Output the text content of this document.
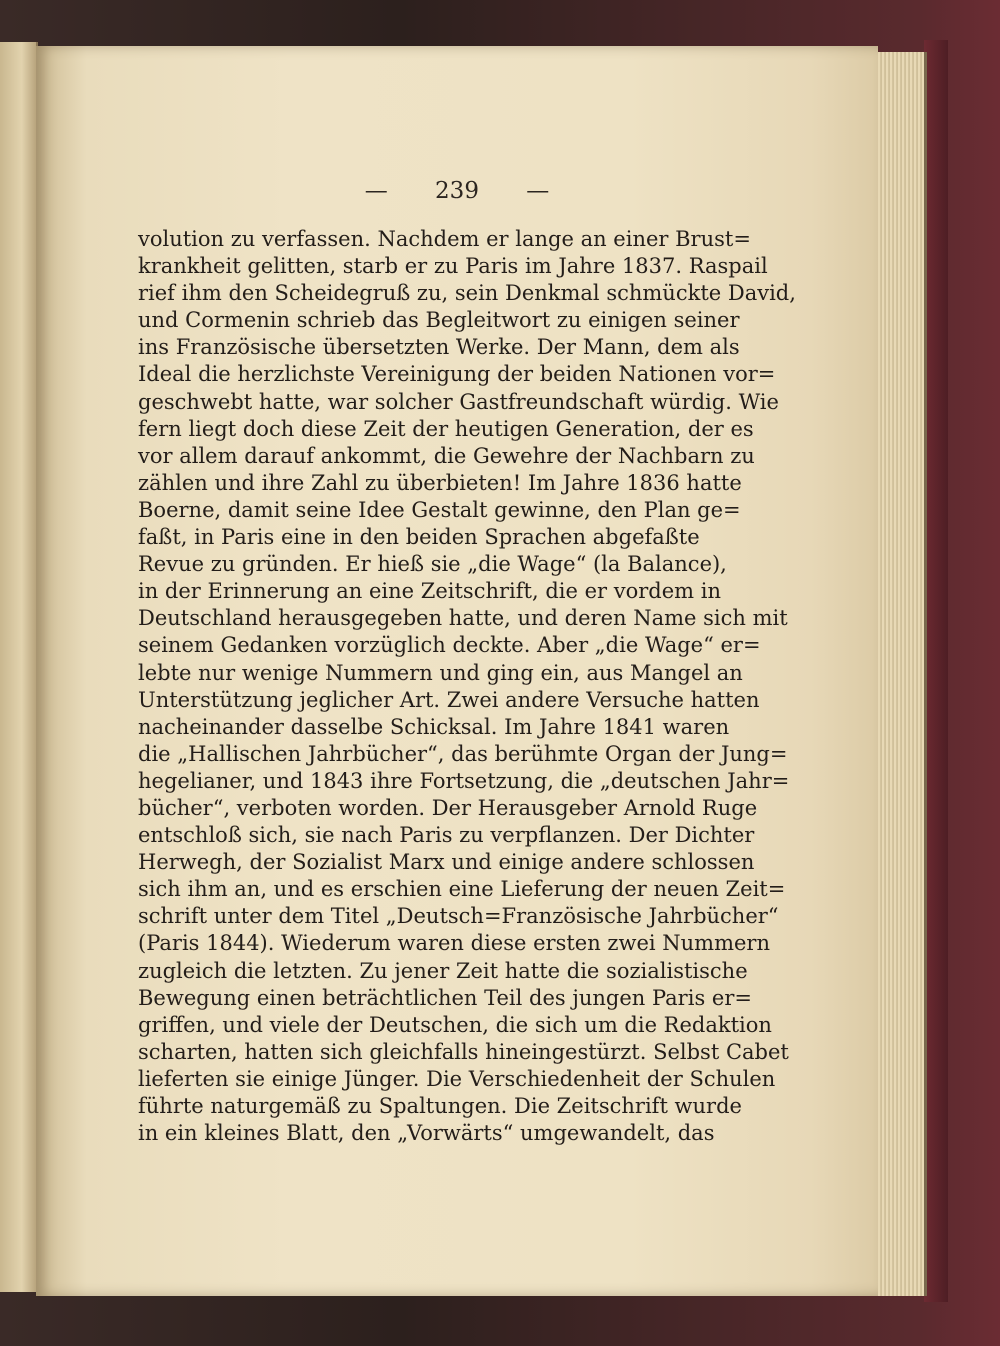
— 239 —
volution zu verfassen. Nachdem er lange an einer Brust=
krankheit gelitten, starb er zu Paris im Jahre 1837. Raspail
rief ihm den Scheidegruß zu, sein Denkmal schmückte David,
und Cormenin schrieb das Begleitwort zu einigen seiner
ins Französische übersetzten Werke. Der Mann, dem als
Ideal die herzlichste Vereinigung der beiden Nationen vor=
geschwebt hatte, war solcher Gastfreundschaft würdig. Wie
fern liegt doch diese Zeit der heutigen Generation, der es
vor allem darauf ankommt, die Gewehre der Nachbarn zu
zählen und ihre Zahl zu überbieten! Im Jahre 1836 hatte
Boerne, damit seine Idee Gestalt gewinne, den Plan ge=
faßt, in Paris eine in den beiden Sprachen abgefaßte
Revue zu gründen. Er hieß sie „die Wage“ (la Balance),
in der Erinnerung an eine Zeitschrift, die er vordem in
Deutschland herausgegeben hatte, und deren Name sich mit
seinem Gedanken vorzüglich deckte. Aber „die Wage“ er=
lebte nur wenige Nummern und ging ein, aus Mangel an
Unterstützung jeglicher Art. Zwei andere Versuche hatten
nacheinander dasselbe Schicksal. Im Jahre 1841 waren
die „Hallischen Jahrbücher“, das berühmte Organ der Jung=
hegelianer, und 1843 ihre Fortsetzung, die „deutschen Jahr=
bücher“, verboten worden. Der Herausgeber Arnold Ruge
entschloß sich, sie nach Paris zu verpflanzen. Der Dichter
Herwegh, der Sozialist Marx und einige andere schlossen
sich ihm an, und es erschien eine Lieferung der neuen Zeit=
schrift unter dem Titel „Deutsch=Französische Jahrbücher“
(Paris 1844). Wiederum waren diese ersten zwei Nummern
zugleich die letzten. Zu jener Zeit hatte die sozialistische
Bewegung einen beträchtlichen Teil des jungen Paris er=
griffen, und viele der Deutschen, die sich um die Redaktion
scharten, hatten sich gleichfalls hineingestürzt. Selbst Cabet
lieferten sie einige Jünger. Die Verschiedenheit der Schulen
führte naturgemäß zu Spaltungen. Die Zeitschrift wurde
in ein kleines Blatt, den „Vorwärts“ umgewandelt, das
